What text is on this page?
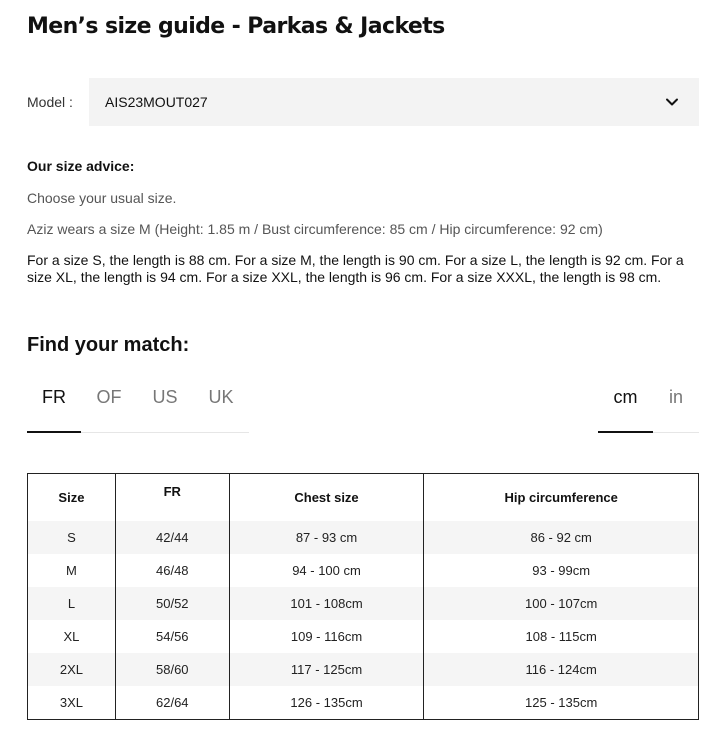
Men’s size guide - Parkas & Jackets
Model : AIS23MOUT027
Our size advice:
Choose your usual size.
Aziz wears a size M (Height: 1.85 m / Bust circumference: 85 cm / Hip circumference: 92 cm)
For a size S, the length is 88 cm. For a size M, the length is 90 cm. For a size L, the length is 92 cm. For a size XL, the length is 94 cm. For a size XXL, the length is 96 cm. For a size XXXL, the length is 98 cm.
Find your match:
FR	OF	US	UK	cm	in
Size	FR	Chest size	Hip circumference
S	42/44	87 - 93 cm	86 - 92 cm
M	46/48	94 - 100 cm	93 - 99cm
L	50/52	101 - 108cm	100 - 107cm
XL	54/56	109 - 116cm	108 - 115cm
2XL	58/60	117 - 125cm	116 - 124cm
3XL	62/64	126 - 135cm	125 - 135cm
